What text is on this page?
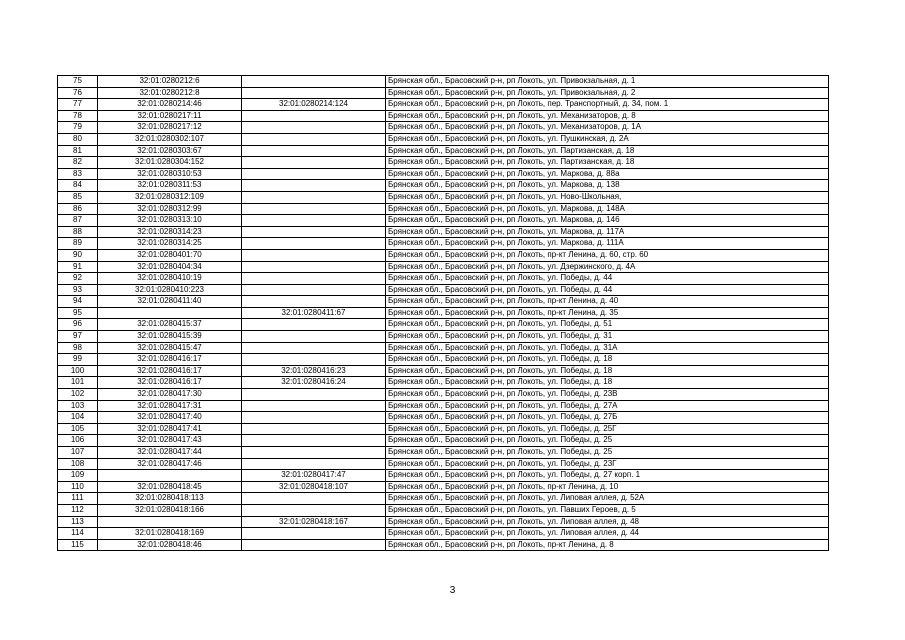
75	32:01:0280212:6		Брянская обл., Брасовский р-н, рп Локоть, ул. Привокзальная, д. 1
76	32:01:0280212:8		Брянская обл., Брасовский р-н, рп Локоть, ул. Привокзальная, д. 2
77	32:01:0280214:46	32:01:0280214:124	Брянская обл., Брасовский р-н, рп Локоть, пер. Транспортный, д. 34, пом. 1
78	32:01:0280217:11		Брянская обл., Брасовский р-н, рп Локоть, ул. Механизаторов, д. 8
79	32:01:0280217:12		Брянская обл., Брасовский р-н, рп Локоть, ул. Механизаторов, д. 1А
80	32:01:0280302:107		Брянская обл., Брасовский р-н, рп Локоть, ул. Пушкинская, д. 2А
81	32:01:0280303:67		Брянская обл., Брасовский р-н, рп Локоть, ул. Партизанская, д. 18
82	32:01:0280304:152		Брянская обл., Брасовский р-н, рп Локоть, ул. Партизанская, д. 18
83	32:01:0280310:53		Брянская обл., Брасовский р-н, рп Локоть, ул. Маркова, д. 88а
84	32:01:0280311:53		Брянская обл., Брасовский р-н, рп Локоть, ул. Маркова, д. 138
85	32:01:0280312:109		Брянская обл., Брасовский р-н, рп Локоть, ул. Ново-Школьная,
86	32:01:0280312:99		Брянская обл., Брасовский р-н, рп Локоть, ул. Маркова, д. 148А
87	32:01:0280313:10		Брянская обл., Брасовский р-н, рп Локоть, ул. Маркова, д. 146
88	32:01:0280314:23		Брянская обл., Брасовский р-н, рп Локоть, ул. Маркова, д. 117А
89	32:01:0280314:25		Брянская обл., Брасовский р-н, рп Локоть, ул. Маркова, д. 111А
90	32:01:0280401:70		Брянская обл., Брасовский р-н, рп Локоть, пр-кт Ленина, д. 60, стр. 60
91	32:01:0280404:34		Брянская обл., Брасовский р-н, рп Локоть, ул. Дзержинского, д. 4А
92	32:01:0280410:19		Брянская обл., Брасовский р-н, рп Локоть, ул. Победы, д. 44
93	32:01:0280410:223		Брянская обл., Брасовский р-н, рп Локоть, ул. Победы, д. 44
94	32:01:0280411:40		Брянская обл., Брасовский р-н, рп Локоть, пр-кт Ленина, д. 40
95		32:01:0280411:67	Брянская обл., Брасовский р-н, рп Локоть, пр-кт Ленина, д. 35
96	32:01:0280415:37		Брянская обл., Брасовский р-н, рп Локоть, ул. Победы, д. 51
97	32:01:0280415:39		Брянская обл., Брасовский р-н, рп Локоть, ул. Победы, д. 31
98	32:01:0280415:47		Брянская обл., Брасовский р-н, рп Локоть, ул. Победы, д. 31А
99	32:01:0280416:17		Брянская обл., Брасовский р-н, рп Локоть, ул. Победы, д. 18
100	32:01:0280416:17	32:01:0280416:23	Брянская обл., Брасовский р-н, рп Локоть, ул. Победы, д. 18
101	32:01:0280416:17	32:01:0280416:24	Брянская обл., Брасовский р-н, рп Локоть, ул. Победы, д. 18
102	32:01:0280417:30		Брянская обл., Брасовский р-н, рп Локоть, ул. Победы, д. 23В
103	32:01:0280417:31		Брянская обл., Брасовский р-н, рп Локоть, ул. Победы, д. 27А
104	32:01:0280417:40		Брянская обл., Брасовский р-н, рп Локоть, ул. Победы, д. 27Б
105	32:01:0280417:41		Брянская обл., Брасовский р-н, рп Локоть, ул. Победы, д. 25Г
106	32:01:0280417:43		Брянская обл., Брасовский р-н, рп Локоть, ул. Победы, д. 25
107	32:01:0280417:44		Брянская обл., Брасовский р-н, рп Локоть, ул. Победы, д. 25
108	32:01:0280417:46		Брянская обл., Брасовский р-н, рп Локоть, ул. Победы, д. 23Г
109		32:01:0280417:47	Брянская обл., Брасовский р-н, рп Локоть, ул. Победы, д. 27 корп. 1
110	32:01:0280418:45	32:01:0280418:107	Брянская обл., Брасовский р-н, рп Локоть, пр-кт Ленина, д. 10
111	32:01:0280418:113		Брянская обл., Брасовский р-н, рп Локоть, ул. Липовая аллея, д. 52А
112	32:01:0280418:166		Брянская обл., Брасовский р-н, рп Локоть, ул. Павших Героев, д. 5
113		32:01:0280418:167	Брянская обл., Брасовский р-н, рп Локоть, ул. Липовая аллея, д. 48
114	32:01:0280418:169		Брянская обл., Брасовский р-н, рп Локоть, ул. Липовая аллея, д. 44
115	32:01:0280418:46		Брянская обл., Брасовский р-н, рп Локоть, пр-кт Ленина, д. 8
3
